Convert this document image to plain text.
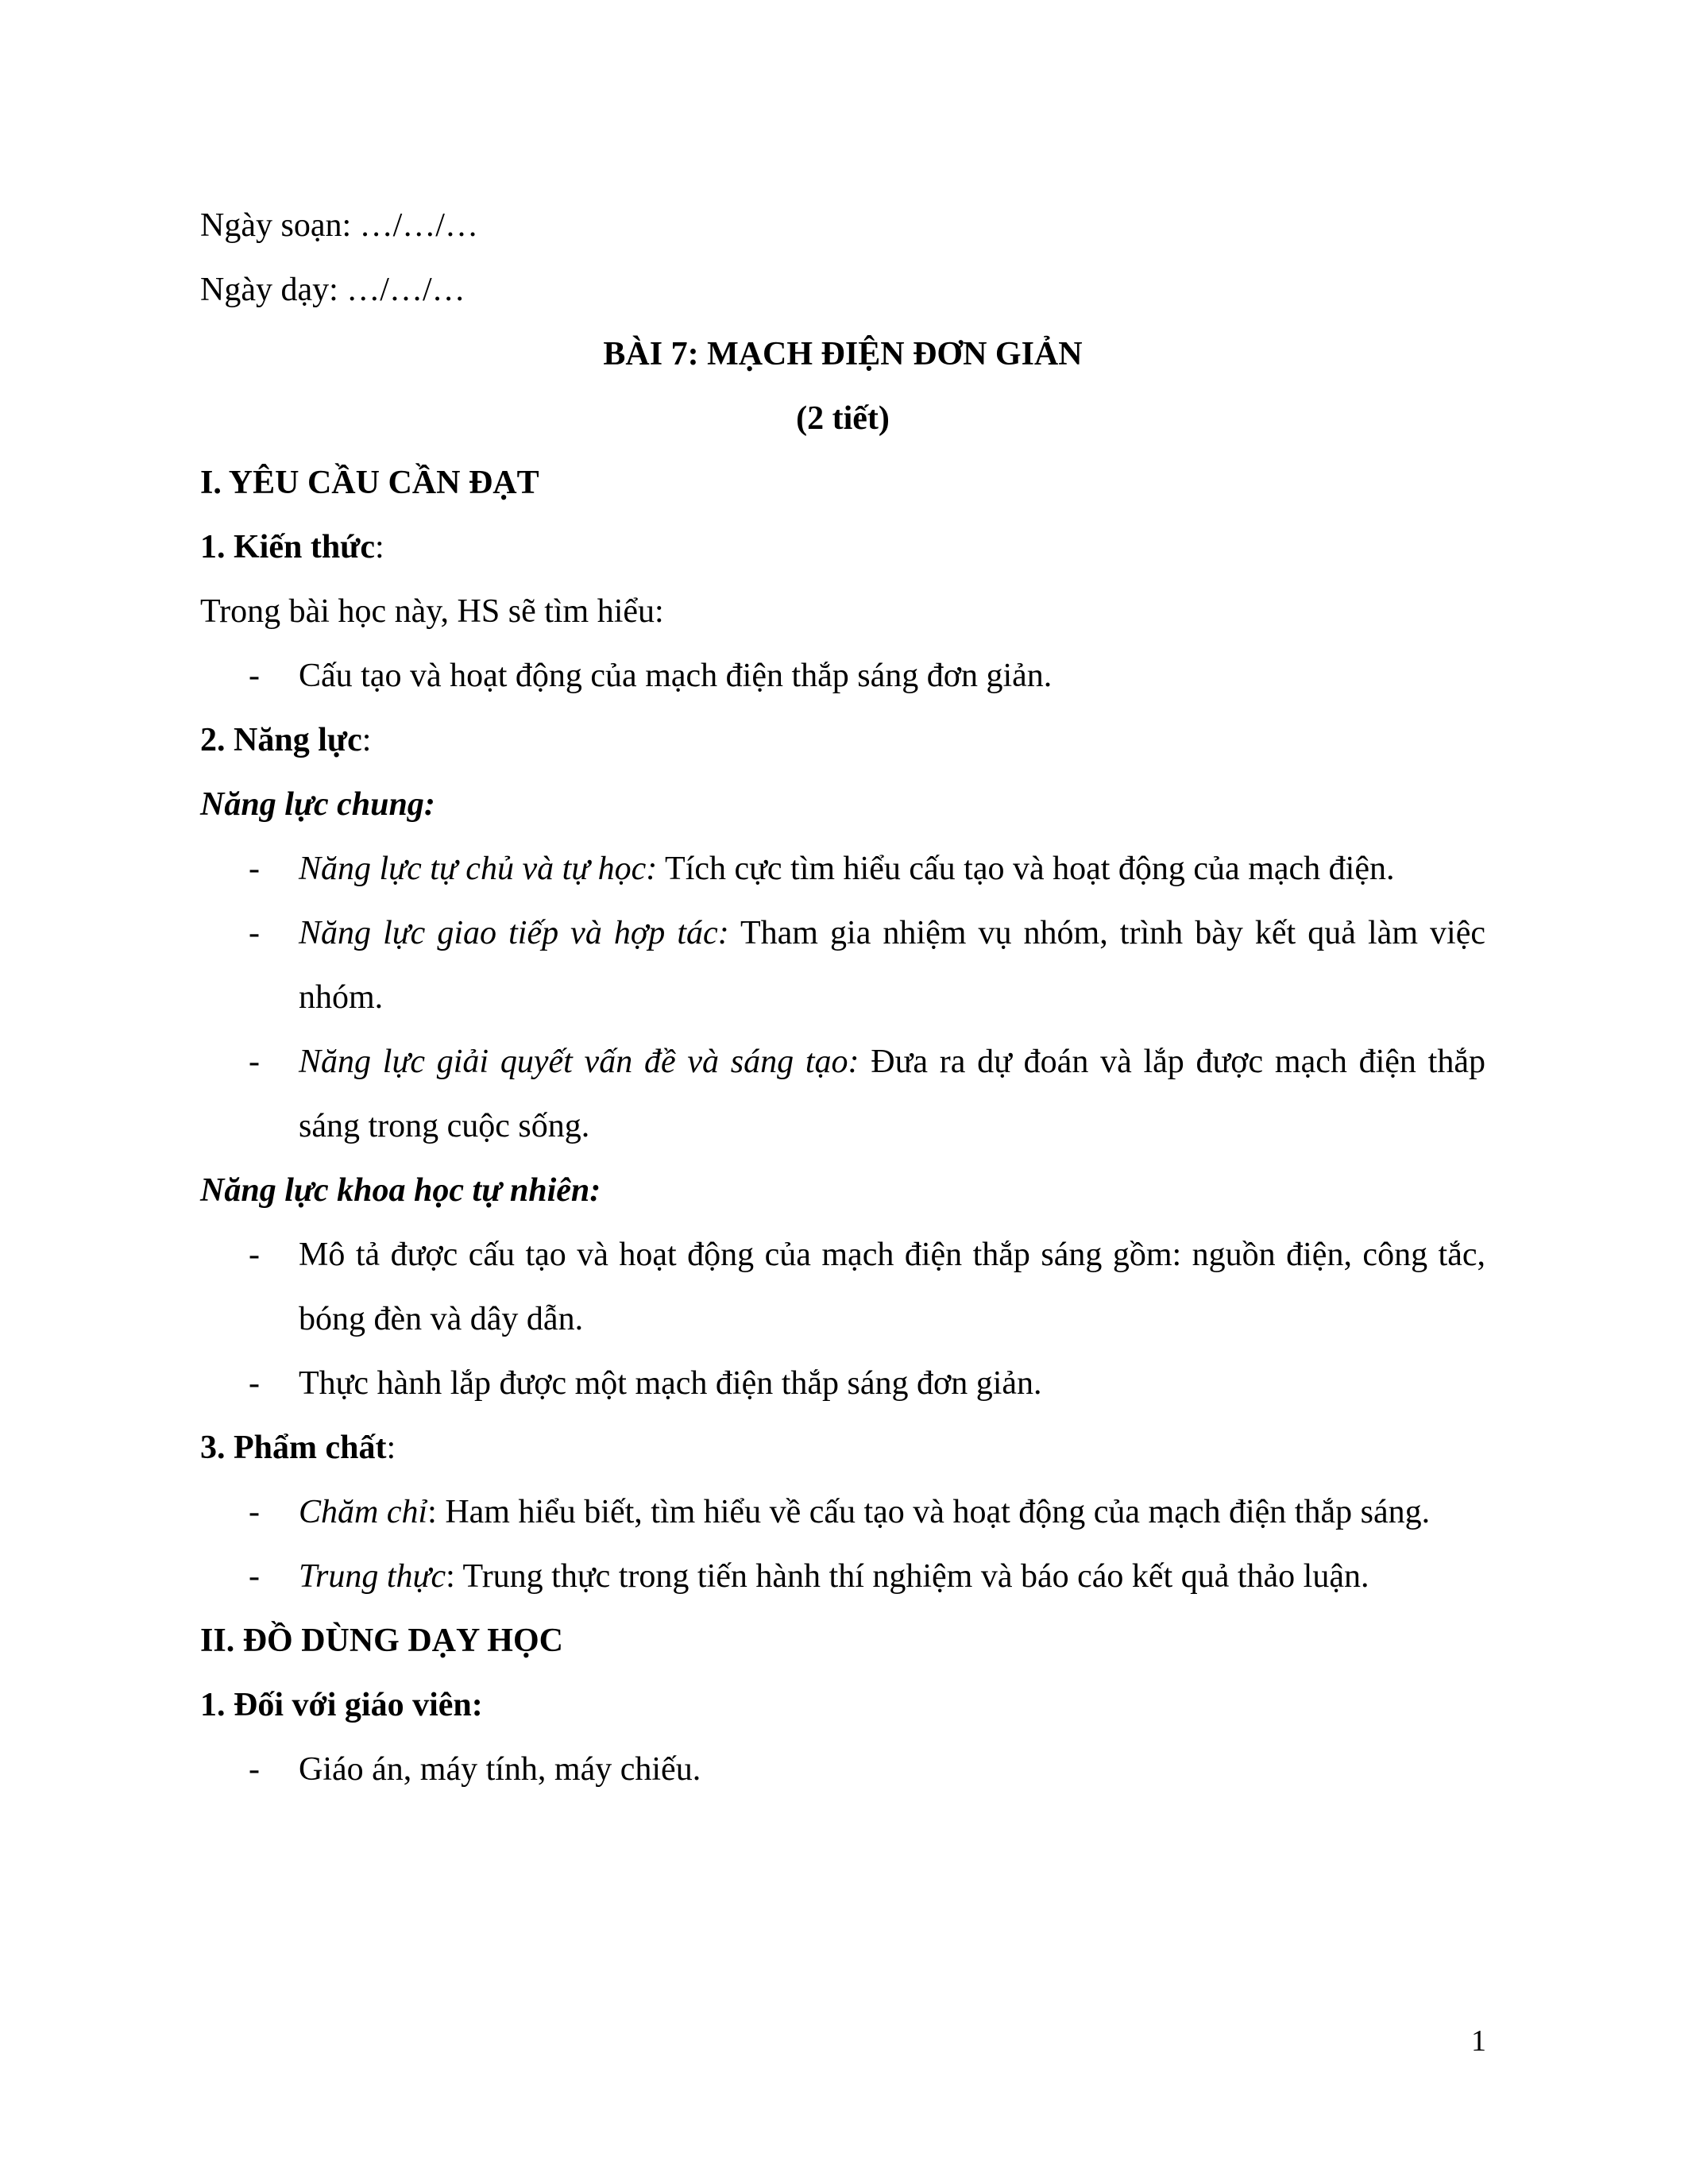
Ngày soạn: …/…/…
Ngày dạy: …/…/…
BÀI 7: MẠCH ĐIỆN ĐƠN GIẢN
(2 tiết)
I. YÊU CẦU CẦN ĐẠT
1. Kiến thức:
Trong bài học này, HS sẽ tìm hiểu:
- Cấu tạo và hoạt động của mạch điện thắp sáng đơn giản.
2. Năng lực:
Năng lực chung:
- Năng lực tự chủ và tự học: Tích cực tìm hiểu cấu tạo và hoạt động của mạch điện.
- Năng lực giao tiếp và hợp tác: Tham gia nhiệm vụ nhóm, trình bày kết quả làm việc nhóm.
- Năng lực giải quyết vấn đề và sáng tạo: Đưa ra dự đoán và lắp được mạch điện thắp sáng trong cuộc sống.
Năng lực khoa học tự nhiên:
- Mô tả được cấu tạo và hoạt động của mạch điện thắp sáng gồm: nguồn điện, công tắc, bóng đèn và dây dẫn.
- Thực hành lắp được một mạch điện thắp sáng đơn giản.
3. Phẩm chất:
- Chăm chỉ: Ham hiểu biết, tìm hiểu về cấu tạo và hoạt động của mạch điện thắp sáng.
- Trung thực: Trung thực trong tiến hành thí nghiệm và báo cáo kết quả thảo luận.
II. ĐỒ DÙNG DẠY HỌC
1. Đối với giáo viên:
- Giáo án, máy tính, máy chiếu.
1
